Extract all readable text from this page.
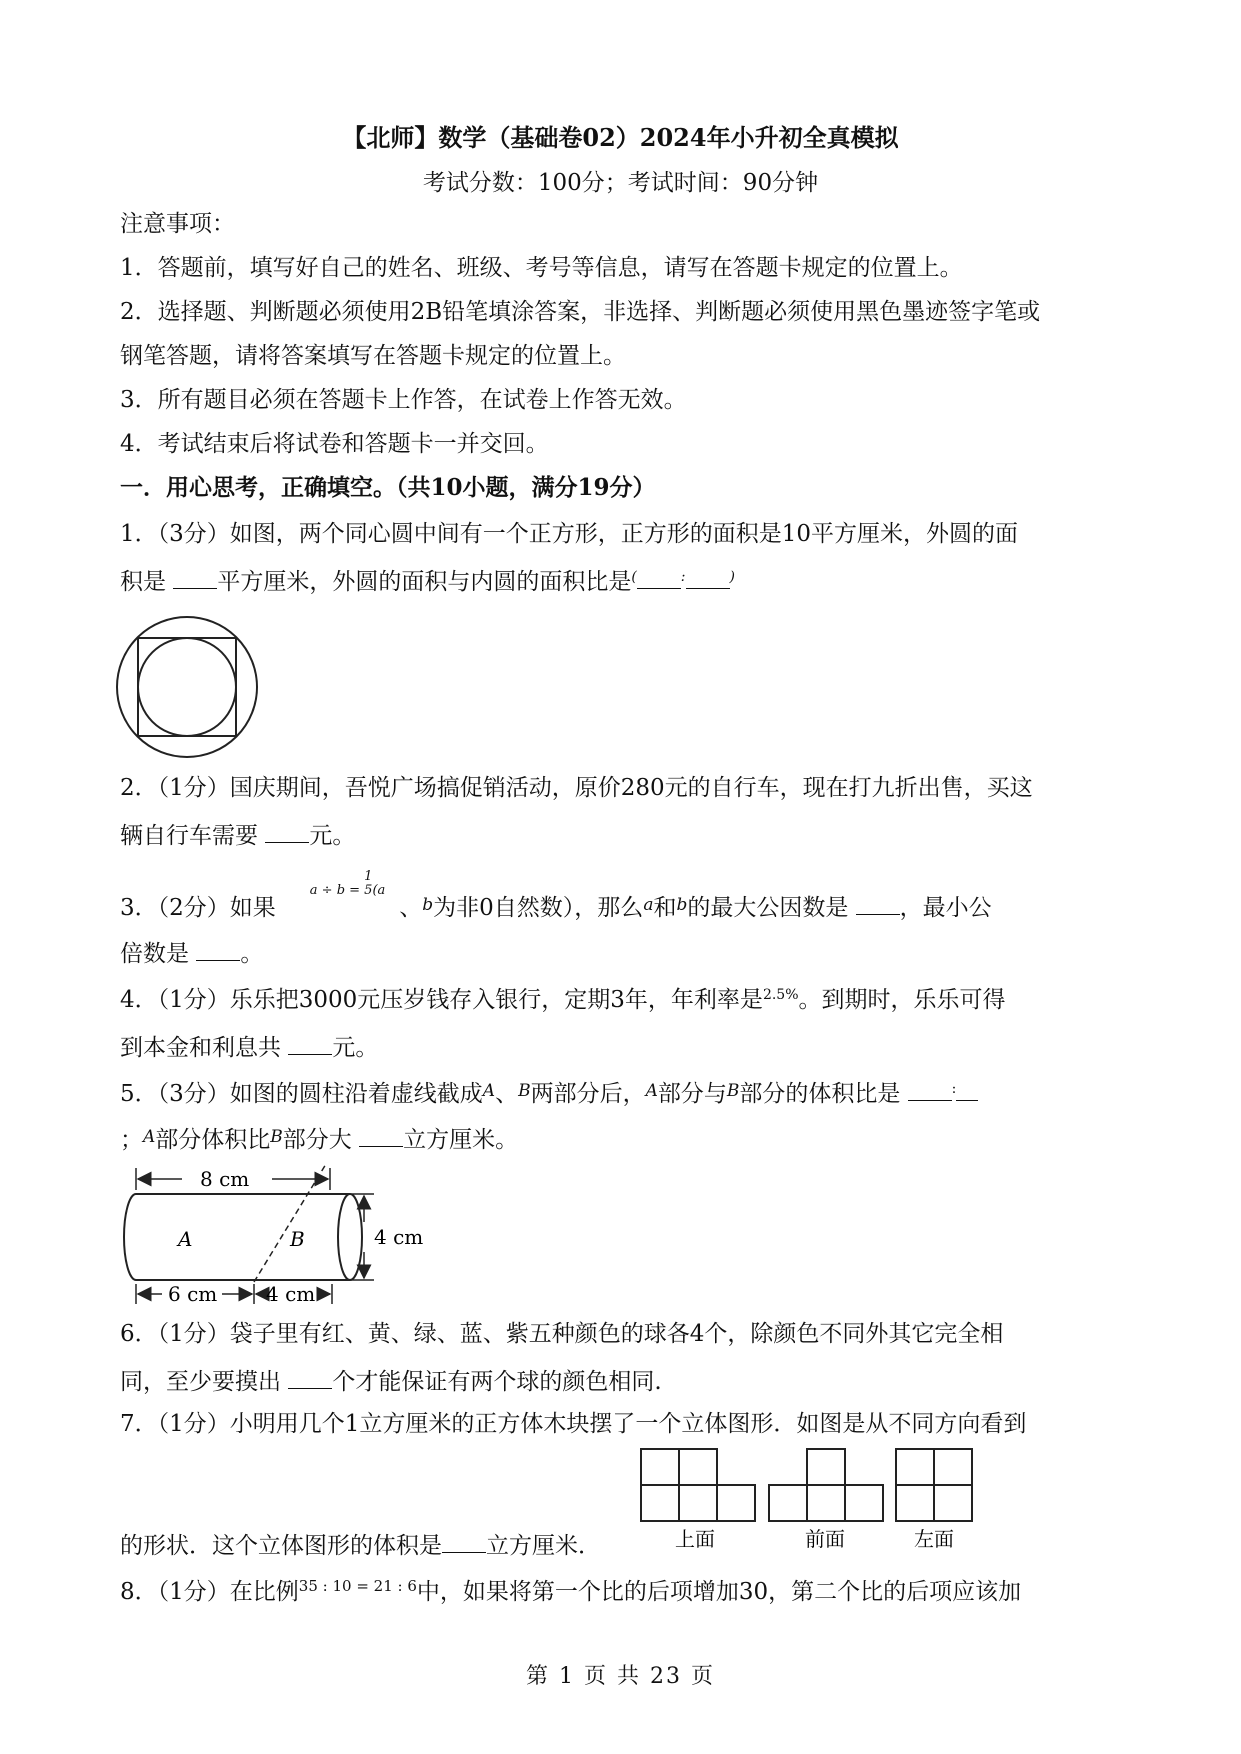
【北师】数学（基础卷02）2024年小升初全真模拟
考试分数：100分；考试时间：90分钟
注意事项：
1．答题前，填写好自己的姓名、班级、考号等信息，请写在答题卡规定的位置上。
2．选择题、判断题必须使用2B铅笔填涂答案，非选择、判断题必须使用黑色墨迹签字笔或
钢笔答题，请将答案填写在答题卡规定的位置上。
3．所有题目必须在答题卡上作答，在试卷上作答无效。
4．考试结束后将试卷和答题卡一并交回。
一．用心思考，正确填空。（共10小题，满分19分）
1．（3分）如图，两个同心圆中间有一个正方形，正方形的面积是10平方厘米，外圆的面
积是 平方厘米，外圆的面积与内圆的面积比是(	:	)
2．（1分）国庆期间，吾悦广场搞促销活动，原价280元的自行车，现在打九折出售，买这
辆自行车需要 元。
3．（2分）如果a ÷ b =
1
5 (a、$^b$为非0自然数），那么$^a$和$^b$的最大公因数是 ，最小公
倍数是 。
4．（1分）乐乐把3000元压岁钱存入银行，定期3年，年利率是$^{2.5\%}$。到期时，乐乐可得
到本金和利息共 元。
5．（3分）如图的圆柱沿着虚线截成$^A$、$^B$两部分后，$^A$部分与$^B$部分的体积比是	:
；$^A$部分体积比$^B$部分大 立方厘米。
8 cm
A	B	4 cm
6 cm 4 cm
6．（1分）袋子里有红、黄、绿、蓝、紫五种颜色的球各4个，除颜色不同外其它完全相
同，至少要摸出 个才能保证有两个球的颜色相同.
7．（1分）小明用几个1立方厘米的正方体木块摆了一个立体图形．如图是从不同方向看到
上面	前面	左面
的形状．这个立体图形的体积是 立方厘米．
8．（1分）在比例$^{35 : 10 = 21 : 6}$中，如果将第一个比的后项增加30，第二个比的后项应该加
第 1 页 共 23 页
